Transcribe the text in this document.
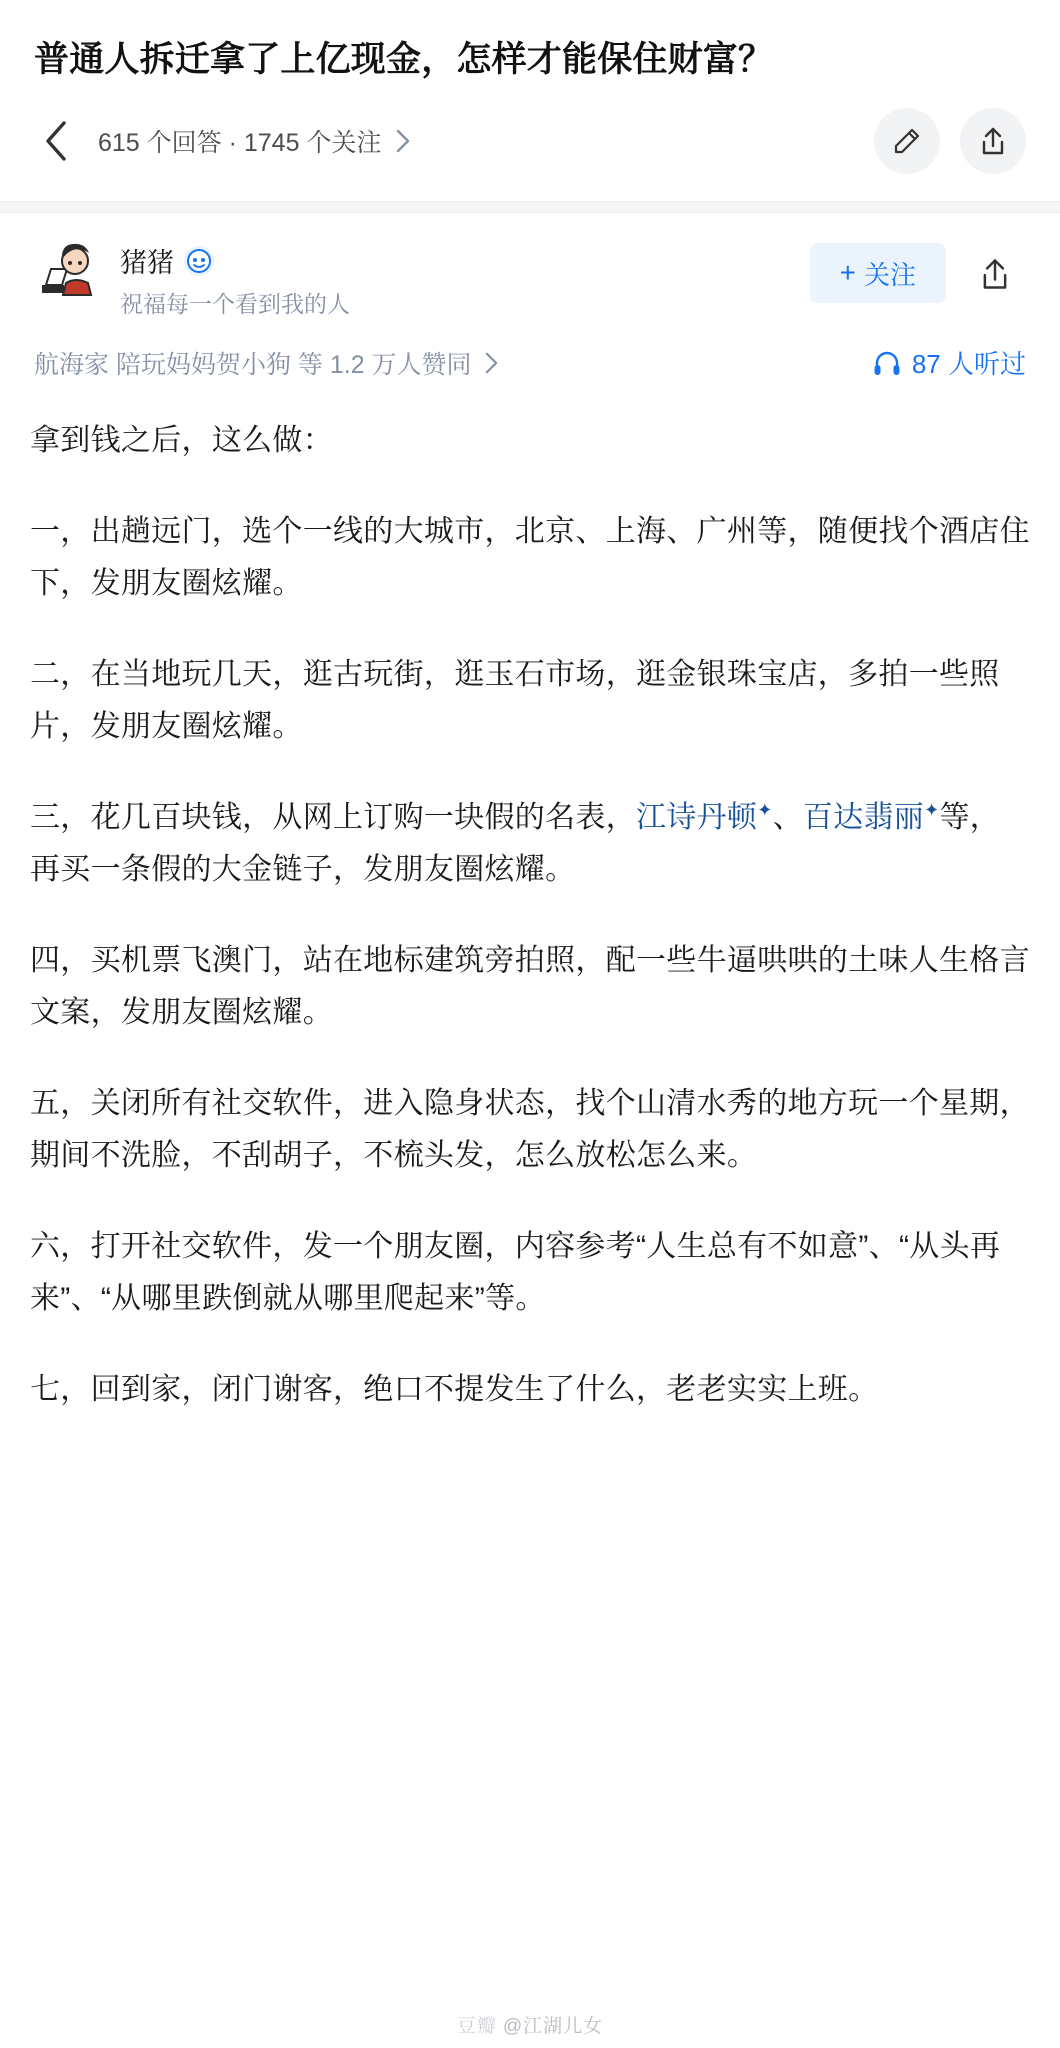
普通人拆迁拿了上亿现金，怎样才能保住财富？
615 个回答 · 1745 个关注
猪猪
祝福每一个看到我的人
+ 关注
航海家 陪玩妈妈贺小狗 等 1.2 万人赞同	87 人听过

拿到钱之后，这么做：

一，出趟远门，选个一线的大城市，北京、上海、广州等，随便找个酒店住下，发朋友圈炫耀。

二，在当地玩几天，逛古玩街，逛玉石市场，逛金银珠宝店，多拍一些照片，发朋友圈炫耀。

三，花几百块钱，从网上订购一块假的名表，江诗丹顿✦、百达翡丽✦等，再买一条假的大金链子，发朋友圈炫耀。

四，买机票飞澳门，站在地标建筑旁拍照，配一些牛逼哄哄的土味人生格言文案，发朋友圈炫耀。

五，关闭所有社交软件，进入隐身状态，找个山清水秀的地方玩一个星期，期间不洗脸，不刮胡子，不梳头发，怎么放松怎么来。

六，打开社交软件，发一个朋友圈，内容参考“人生总有不如意”、“从头再来”、“从哪里跌倒就从哪里爬起来”等。

七，回到家，闭门谢客，绝口不提发生了什么，老老实实上班。

豆瓣 @江湖儿女
